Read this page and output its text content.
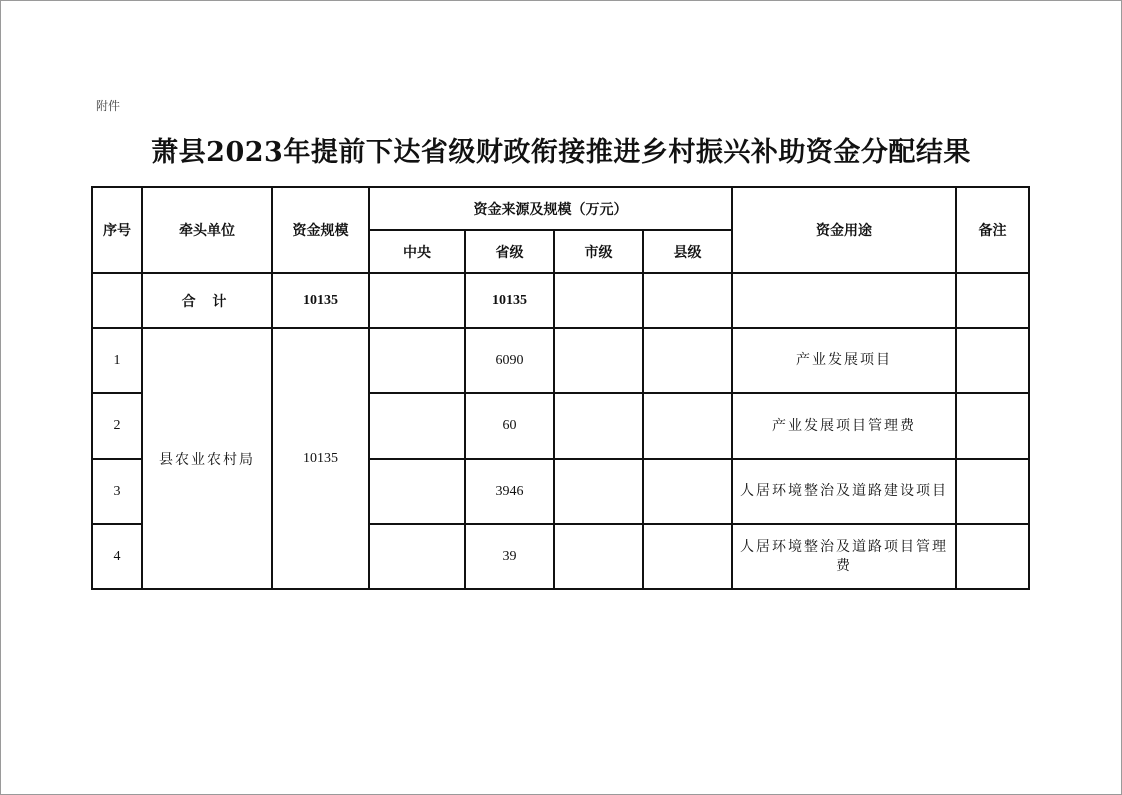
附件
萧县2023年提前下达省级财政衔接推进乡村振兴补助资金分配结果
序号	牵头单位	资金规模	资金来源及规模（万元）				资金用途	备注
			中央	省级	市级	县级		
	合 计	10135		10135				
1	县农业农村局	10135		6090			产业发展项目	
2				60			产业发展项目管理费	
3				3946			人居环境整治及道路建设项目	
4				39			人居环境整治及道路项目管理费	
